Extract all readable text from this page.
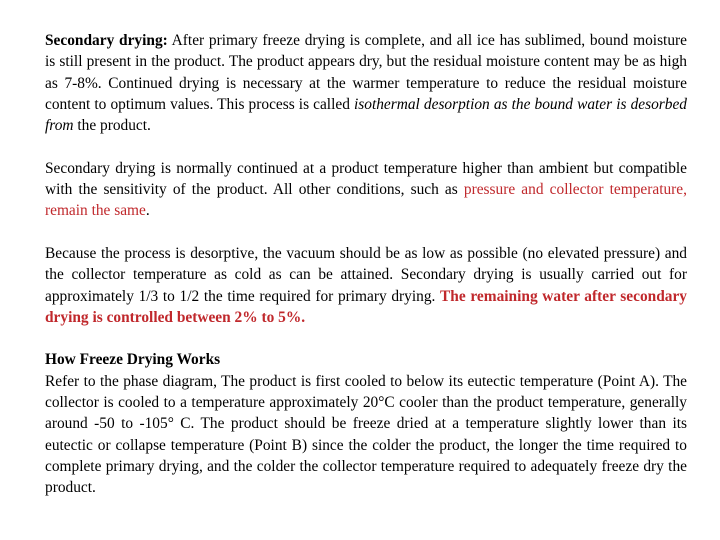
Secondary drying: After primary freeze drying is complete, and all ice has sublimed, bound moisture is still present in the product. The product appears dry, but the residual moisture content may be as high as 7-8%. Continued drying is necessary at the warmer temperature to reduce the residual moisture content to optimum values. This process is called isothermal desorption as the bound water is desorbed from the product.

Secondary drying is normally continued at a product temperature higher than ambient but compatible with the sensitivity of the product. All other conditions, such as pressure and collector temperature, remain the same.

Because the process is desorptive, the vacuum should be as low as possible (no elevated pressure) and the collector temperature as cold as can be attained. Secondary drying is usually carried out for approximately 1/3 to 1/2 the time required for primary drying. The remaining water after secondary drying is controlled between 2% to 5%.

How Freeze Drying Works
Refer to the phase diagram, The product is first cooled to below its eutectic temperature (Point A). The collector is cooled to a temperature approximately 20°C cooler than the product temperature, generally around -50 to -105° C. The product should be freeze dried at a temperature slightly lower than its eutectic or collapse temperature (Point B) since the colder the product, the longer the time required to complete primary drying, and the colder the collector temperature required to adequately freeze dry the product.
